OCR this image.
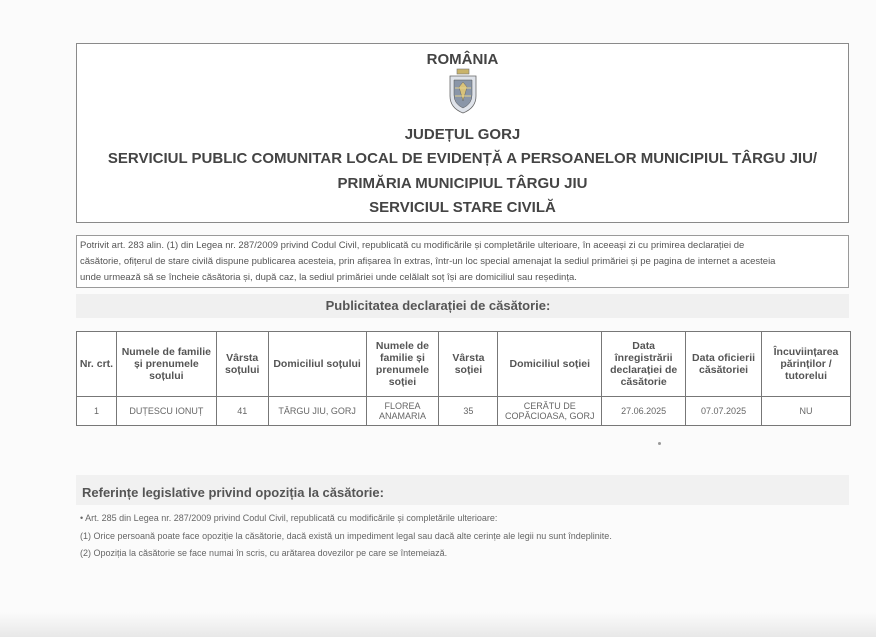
ROMÂNIA
JUDEȚUL GORJ
SERVICIUL PUBLIC COMUNITAR LOCAL DE EVIDENȚĂ A PERSOANELOR MUNICIPIUL TÂRGU JIU/
PRIMĂRIA MUNICIPIUL TÂRGU JIU
SERVICIUL STARE CIVILĂ
Potrivit art. 283 alin. (1) din Legea nr. 287/2009 privind Codul Civil, republicată cu modificările și completările ulterioare, în aceeași zi cu primirea declarației de
căsătorie, ofițerul de stare civilă dispune publicarea acesteia, prin afișarea în extras, într-un loc special amenajat la sediul primăriei și pe pagina de internet a acesteia
unde urmează să se încheie căsătoria și, după caz, la sediul primăriei unde celălalt soț își are domiciliul sau reședința.
Publicitatea declarației de căsătorie:
Nr. crt.	Numele de familie și prenumele soțului	Vârsta soțului	Domiciliul soțului	Numele de familie și prenumele soției	Vârsta soției	Domiciliul soției	Data înregistrării declarației de căsătorie	Data oficierii căsătoriei	Încuviințarea părinților / tutorelui
1	DUȚESCU IONUȚ	41	TÂRGU JIU, GORJ	FLOREA ANAMARIA	35	CERĂTU DE COPĂCIOASA, GORJ	27.06.2025	07.07.2025	NU
Referințe legislative privind opoziția la căsătorie:
• Art. 285 din Legea nr. 287/2009 privind Codul Civil, republicată cu modificările și completările ulterioare:
(1) Orice persoană poate face opoziție la căsătorie, dacă există un impediment legal sau dacă alte cerințe ale legii nu sunt îndeplinite.
(2) Opoziția la căsătorie se face numai în scris, cu arătarea dovezilor pe care se întemeiază.
